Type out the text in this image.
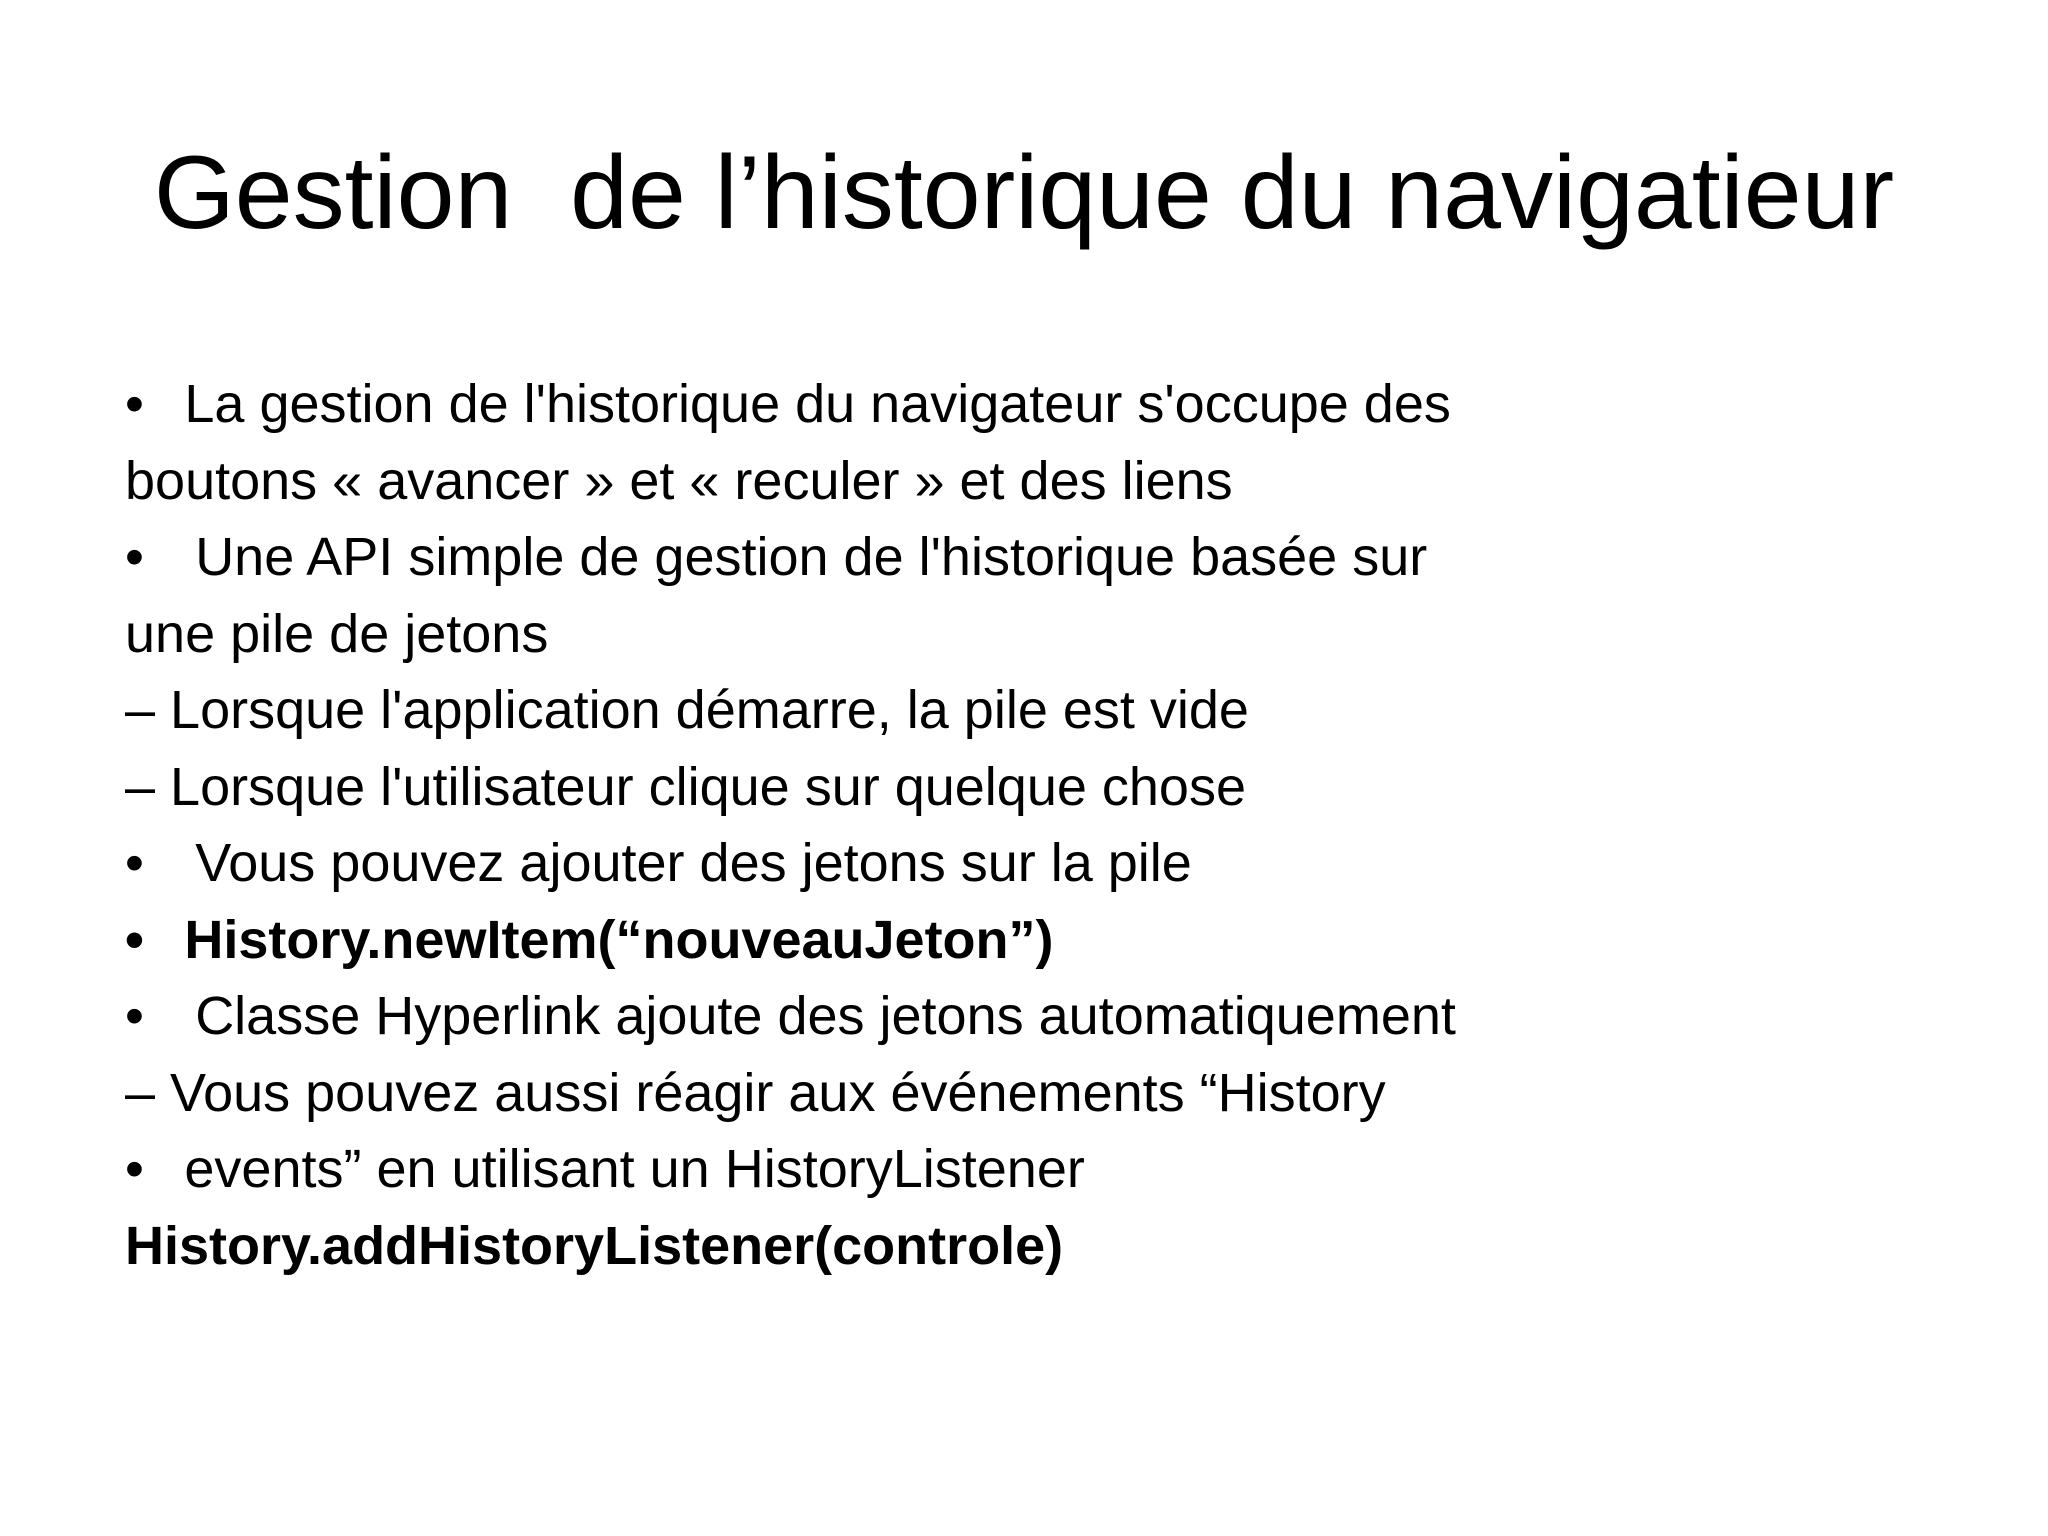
Gestion  de l’historique du navigatieur
• La gestion de l'historique du navigateur s'occupe des
boutons « avancer » et « reculer » et des liens
• Une API simple de gestion de l'historique basée sur
une pile de jetons
– Lorsque l'application démarre, la pile est vide
– Lorsque l'utilisateur clique sur quelque chose
• Vous pouvez ajouter des jetons sur la pile
• History.newItem(“nouveauJeton”)
• Classe Hyperlink ajoute des jetons automatiquement
– Vous pouvez aussi réagir aux événements “History
• events” en utilisant un HistoryListener
History.addHistoryListener(controle)
